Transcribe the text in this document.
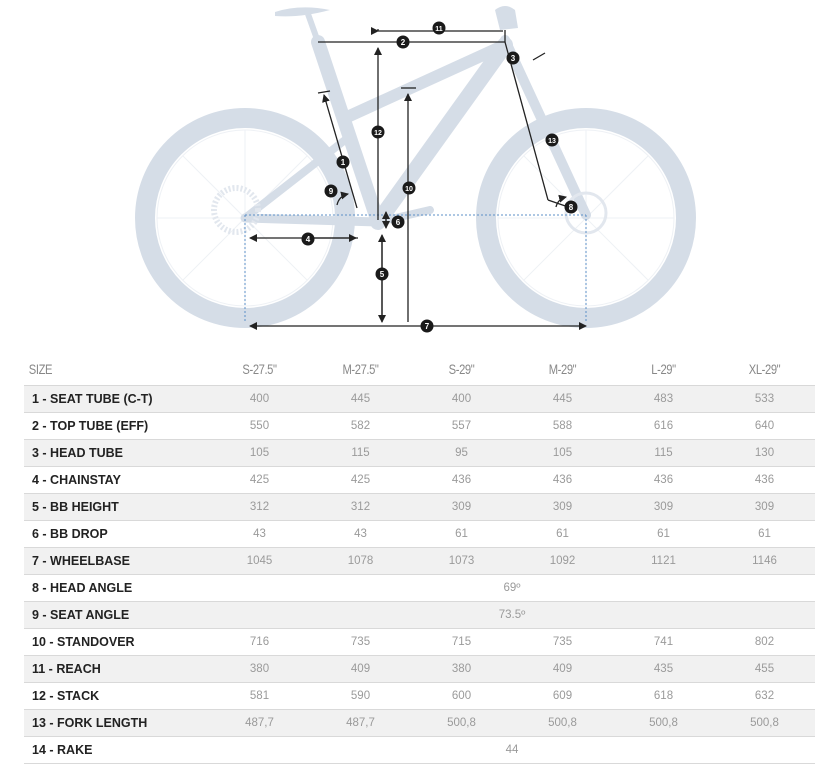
1
2
3
4
5
6
7
8
9	10
11
12
13
SIZE	S-27.5"	M-27.5"	S-29"	M-29"	L-29"	XL-29"
1 - SEAT TUBE (C-T)	400	445	400	445	483	533
2 - TOP TUBE (EFF)	550	582	557	588	616	640
3 - HEAD TUBE	105	115	95	105	115	130
4 - CHAINSTAY	425	425	436	436	436	436
5 - BB HEIGHT	312	312	309	309	309	309
6 - BB DROP	43	43	61	61	61	61
7 - WHEELBASE	1045	1078	1073	1092	1121	1146
8 - HEAD ANGLE	69º					
9 - SEAT ANGLE	73.5º					
10 - STANDOVER	716	735	715	735	741	802
11 - REACH	380	409	380	409	435	455
12 - STACK	581	590	600	609	618	632
13 - FORK LENGTH	487,7	487,7	500,8	500,8	500,8	500,8
14 - RAKE	44					
